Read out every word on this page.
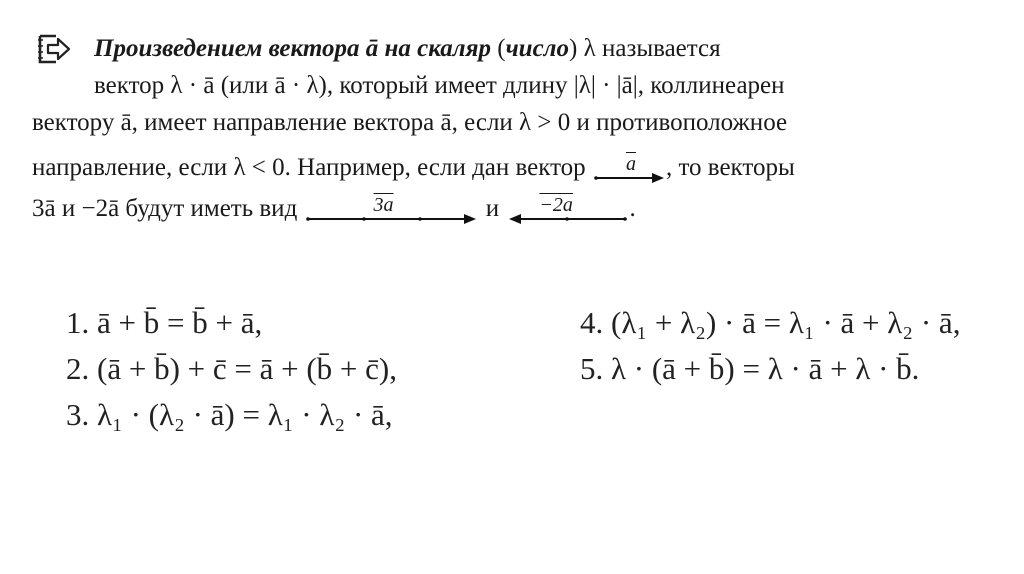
Произведением вектора ā на скаляр (число) λ называется
вектор λ · ā (или ā · λ), который имеет длину |λ| · |ā|, коллинеарен
вектору ā, имеет направление вектора ā, если λ > 0 и противоположное
направление, если λ < 0. Например, если дан вектор $\overline{a}$ , то векторы
3ā и −2ā будут иметь вид	3a	и −2a .
1. ā + b̄ = b̄ + ā,
2. (ā + b̄) + c̄ = ā + (b̄ + c̄),
3. λ₁ · (λ₂ · ā) = λ₁ · λ₂ · ā,
4. (λ₁ + λ₂) · ā = λ₁ · ā + λ₂ · ā,
5. λ · (ā + b̄) = λ · ā + λ · b̄.
